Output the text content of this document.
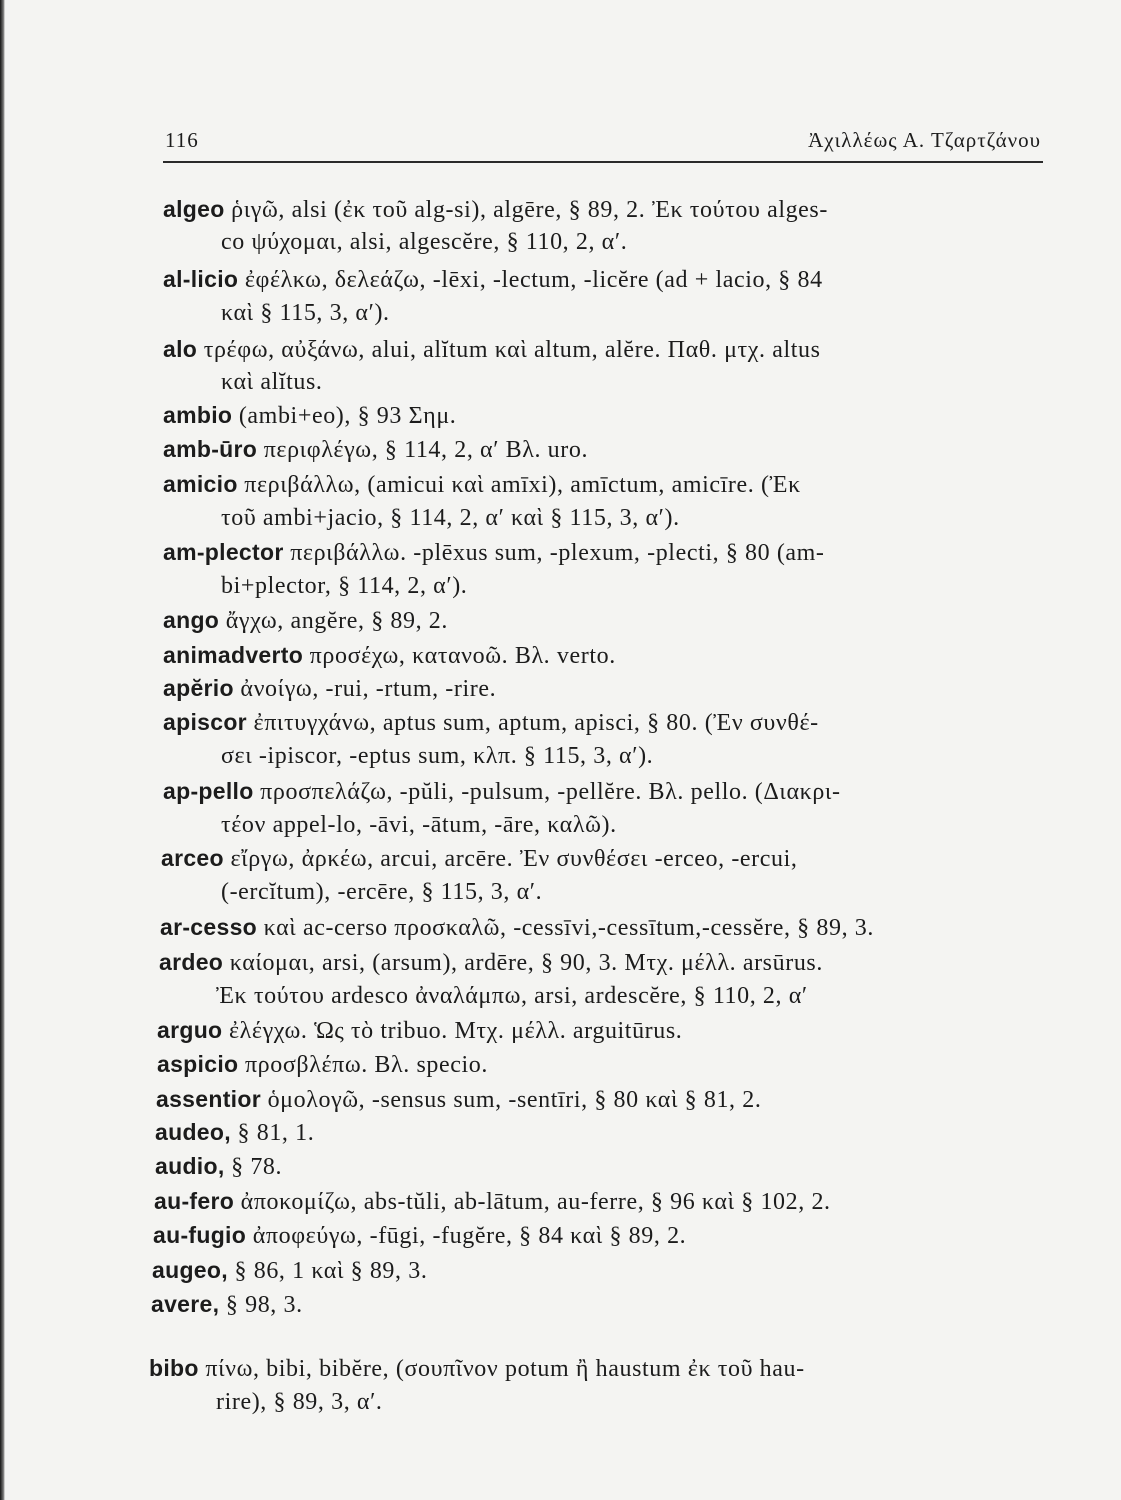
116	Ἀχιλλέως Α. Τζαρτζάνου
algeo ῥιγῶ, alsi (ἐκ τοῦ alg-si), algēre, § 89, 2. Ἐκ τούτου alges-
co ψύχομαι, alsi, algescĕre, § 110, 2, α′.
al-licio ἐφέλκω, δελεάζω, -lēxi, -lectum, -licĕre (ad + lacio, § 84
καὶ § 115, 3, α′).
alo τρέφω, αὐξάνω, alui, alĭtum καὶ altum, alĕre. Παθ. μτχ. altus
καὶ alĭtus.
ambio (ambi+eo), § 93 Σημ.
amb-ūro περιφλέγω, § 114, 2, α′ Βλ. uro.
amicio περιβάλλω, (amicui καὶ amīxi), amīctum, amicīre. (Ἐκ
τοῦ ambi+jacio, § 114, 2, α′ καὶ § 115, 3, α′).
am-plector περιβάλλω. -plēxus sum, -plexum, -plecti, § 80 (am-
bi+plector, § 114, 2, α′).
ango ἄγχω, angĕre, § 89, 2.
animadverto προσέχω, κατανοῶ. Βλ. verto.
apĕrio ἀνοίγω, -rui, -rtum, -rire.
apiscor ἐπιτυγχάνω, aptus sum, aptum, apisci, § 80. (Ἐν συνθέ-
σει -ipiscor, -eptus sum, κλπ. § 115, 3, α′).
ap-pello προσπελάζω, -pŭli, -pulsum, -pellĕre. Βλ. pello. (Διακρι-
τέον appel-lo, -āvi, -ātum, -āre, καλῶ).
arceo εἴργω, ἀρκέω, arcui, arcēre. Ἐν συνθέσει -erceo, -ercui,
(-ercĭtum), -ercēre, § 115, 3, α′.
ar-cesso καὶ ac-cerso προσκαλῶ, -cessīvi,-cessītum,-cessĕre, § 89, 3.
ardeo καίομαι, arsi, (arsum), ardēre, § 90, 3. Μτχ. μέλλ. arsūrus.
Ἐκ τούτου ardesco ἀναλάμπω, arsi, ardescĕre, § 110, 2, α′
arguo ἐλέγχω. Ὡς τὸ tribuo. Μτχ. μέλλ. arguitūrus.
aspicio προσβλέπω. Βλ. specio.
assentior ὁμολογῶ, -sensus sum, -sentīri, § 80 καὶ § 81, 2.
audeo, § 81, 1.
audio, § 78.
au-fero ἀποκομίζω, abs-tŭli, ab-lātum, au-ferre, § 96 καὶ § 102, 2.
au-fugio ἀποφεύγω, -fūgi, -fugĕre, § 84 καὶ § 89, 2.
augeo, § 86, 1 καὶ § 89, 3.
avere, § 98, 3.
bibo πίνω, bibi, bibĕre, (σουπῖνον potum ἢ haustum ἐκ τοῦ hau-
rire), § 89, 3, α′.
